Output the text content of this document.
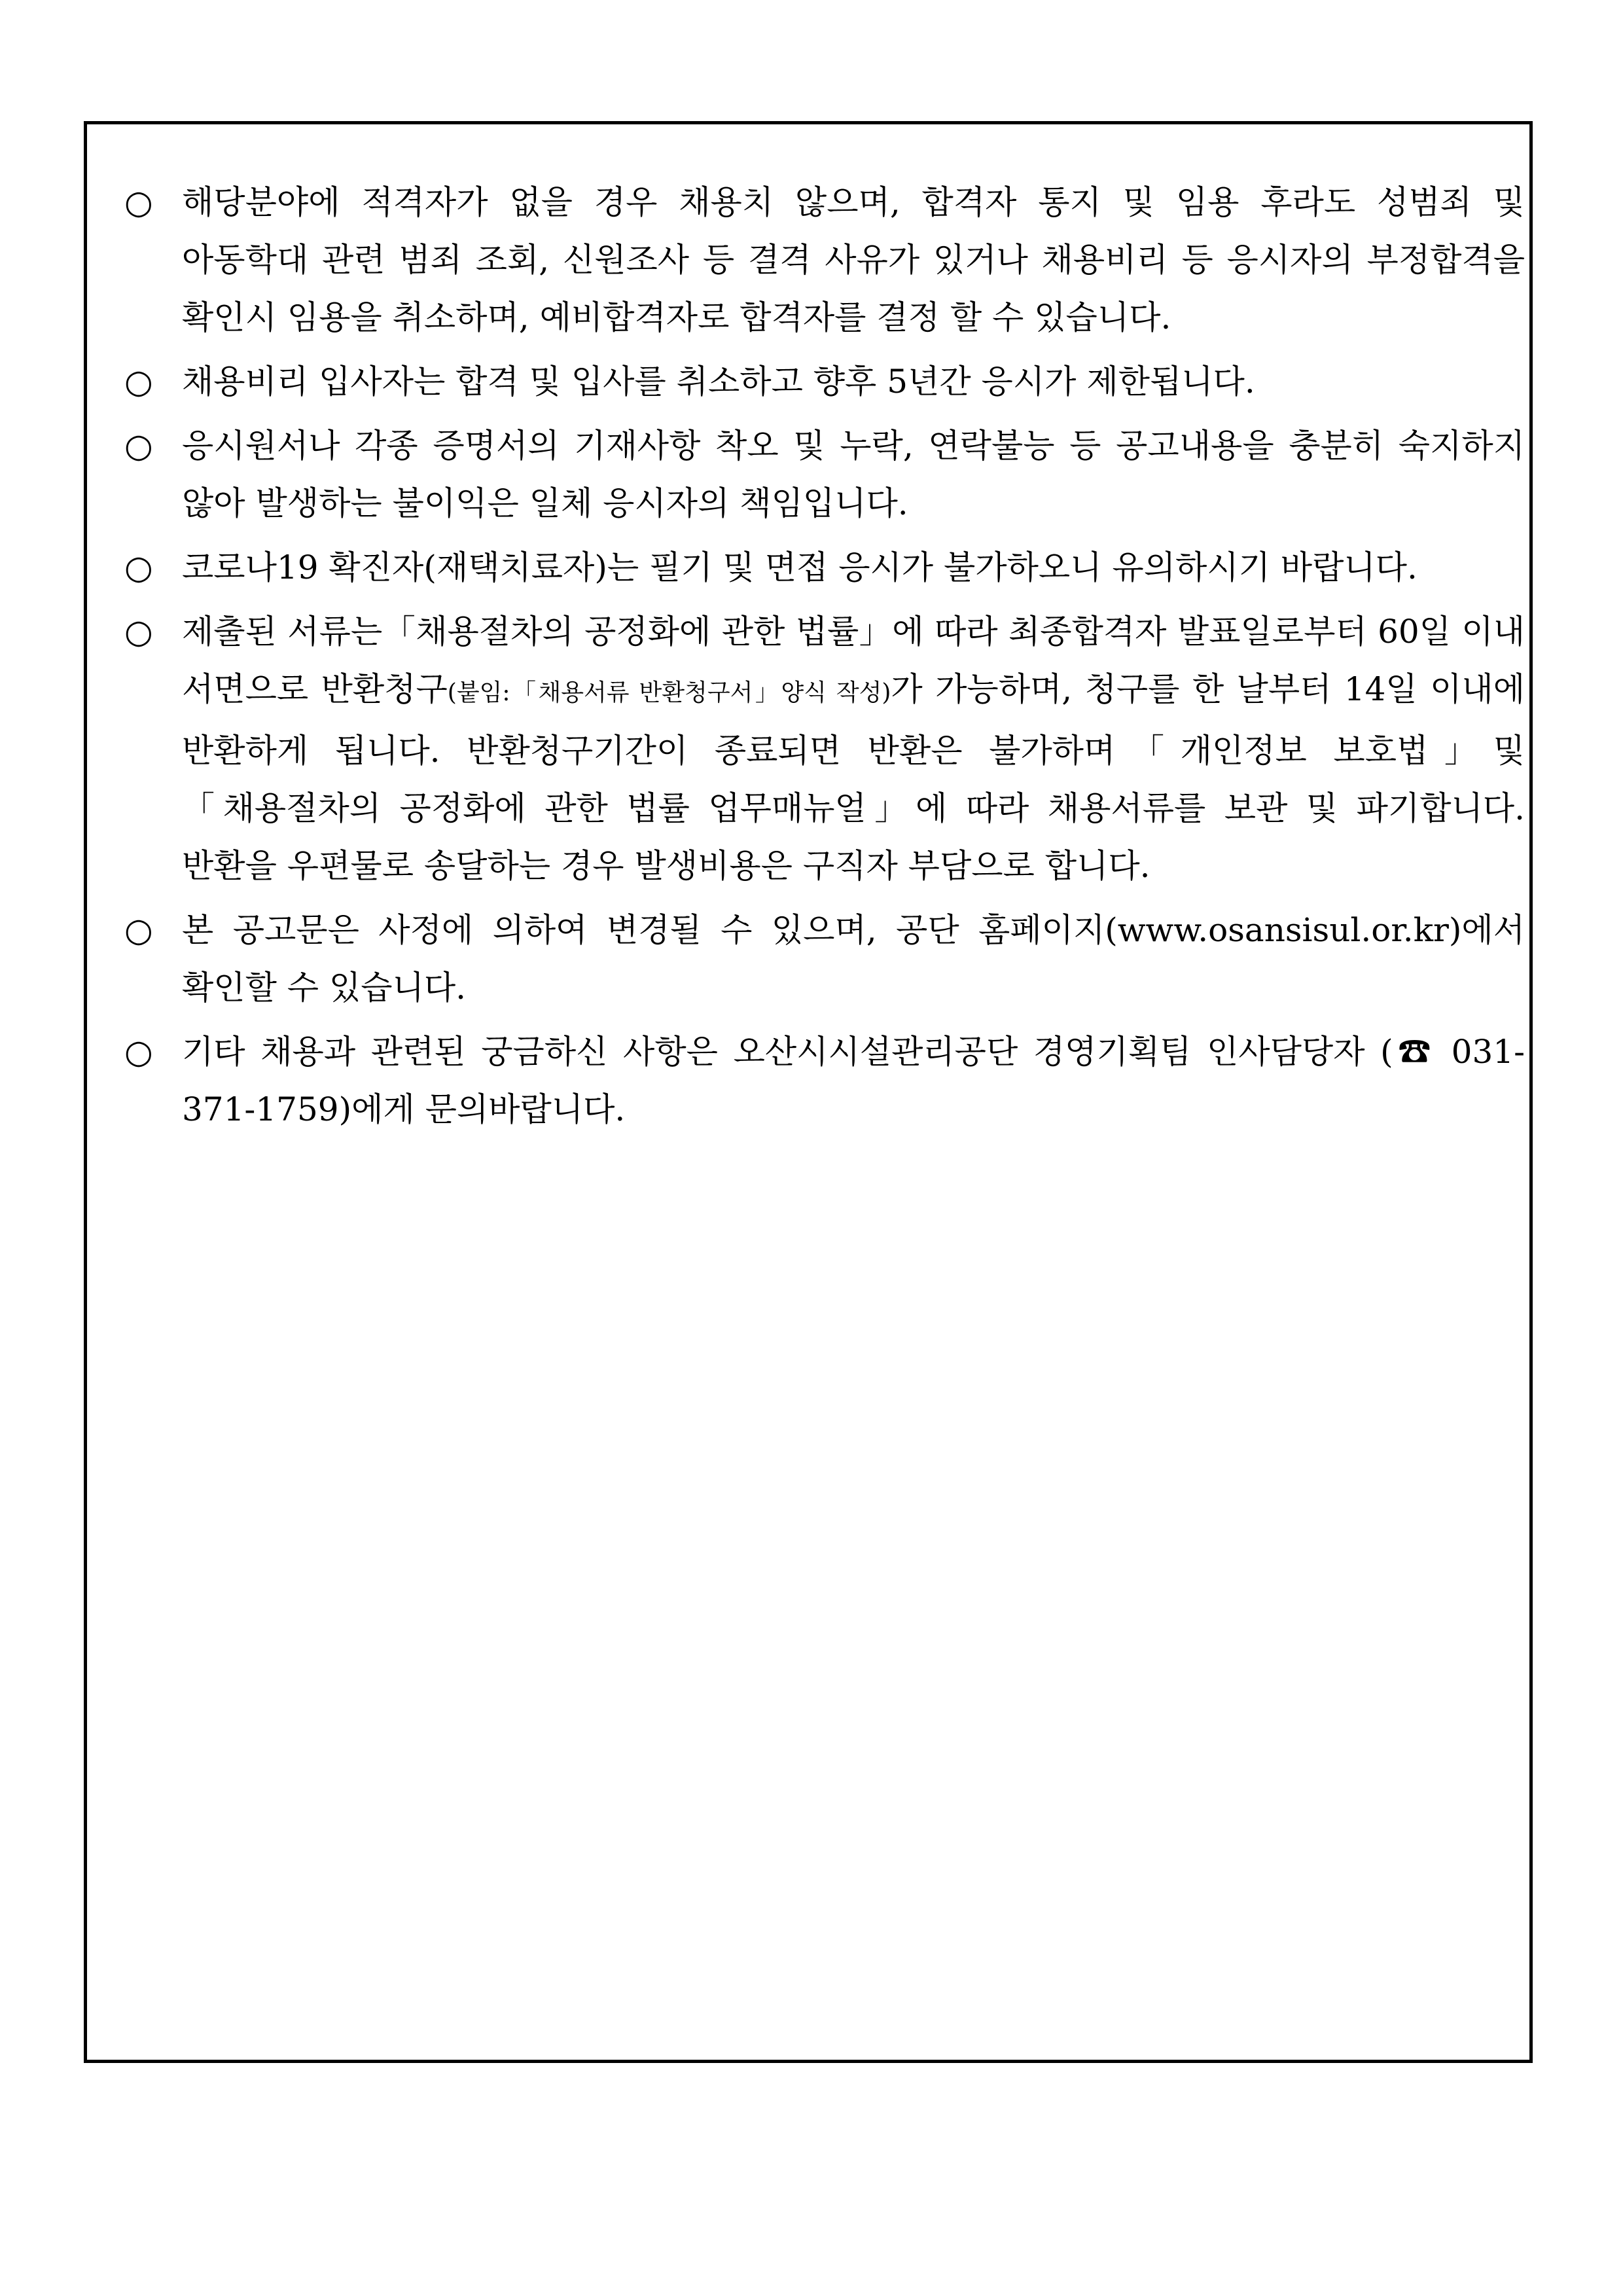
○ 해당분야에 적격자가 없을 경우 채용치 않으며, 합격자 통지 및 임용 후라도 성범죄 및 아동학대 관련 범죄 조회, 신원조사 등 결격 사유가 있거나 채용비리 등 응시자의 부정합격을 확인시 임용을 취소하며, 예비합격자로 합격자를 결정 할 수 있습니다.
○ 채용비리 입사자는 합격 및 입사를 취소하고 향후 5년간 응시가 제한됩니다.
○ 응시원서나 각종 증명서의 기재사항 착오 및 누락, 연락불능 등 공고내용을 충분히 숙지하지 않아 발생하는 불이익은 일체 응시자의 책임입니다.
○ 코로나19 확진자(재택치료자)는 필기 및 면접 응시가 불가하오니 유의하시기 바랍니다.
○ 제출된 서류는「채용절차의 공정화에 관한 법률」에 따라 최종합격자 발표일로부터 60일 이내 서면으로 반환청구(붙임:「채용서류 반환청구서」양식 작성)가 가능하며, 청구를 한 날부터 14일 이내에 반환하게 됩니다. 반환청구기간이 종료되면 반환은 불가하며「개인정보 보호법」및「채용절차의 공정화에 관한 법률 업무매뉴얼」에 따라 채용서류를 보관 및 파기합니다. 반환을 우편물로 송달하는 경우 발생비용은 구직자 부담으로 합니다.
○ 본 공고문은 사정에 의하여 변경될 수 있으며, 공단 홈페이지(www.osansisul.or.kr)에서 확인할 수 있습니다.
○ 기타 채용과 관련된 궁금하신 사항은 오산시시설관리공단 경영기획팀 인사담당자 (☎ 031-371-1759)에게 문의바랍니다.
